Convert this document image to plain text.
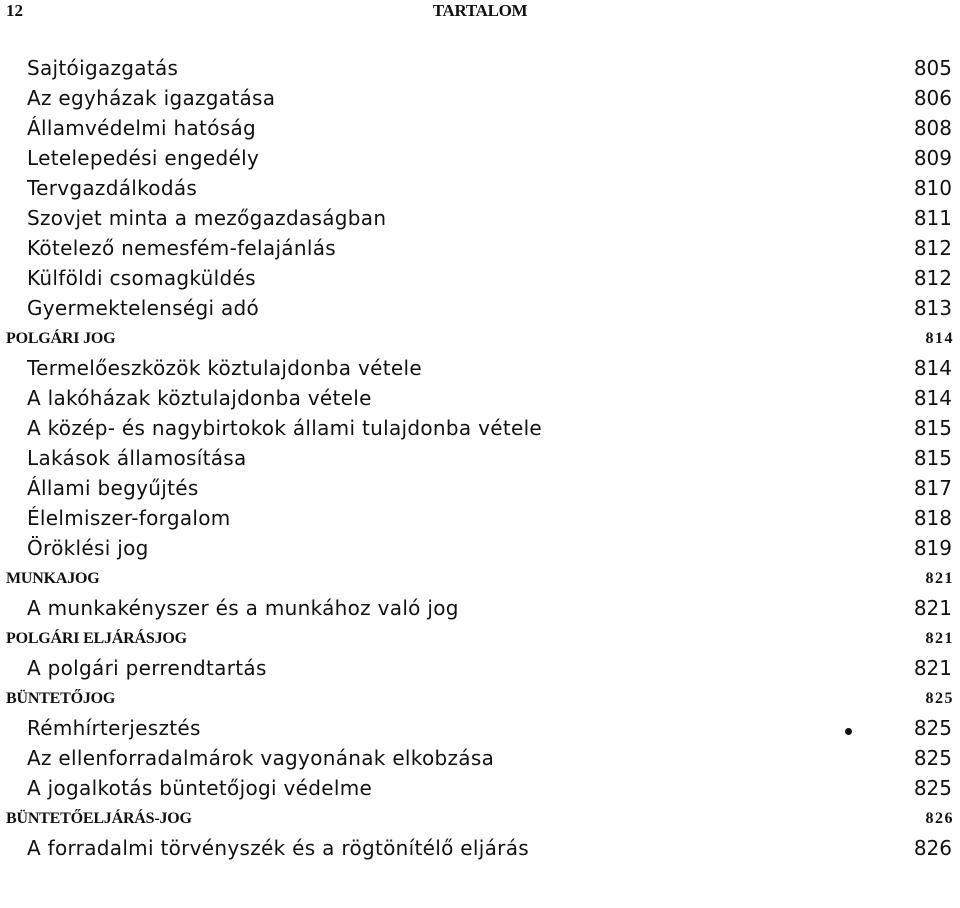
12	TARTALOM
Sajtóigazgatás	805
Az egyházak igazgatása	806
Államvédelmi hatóság	808
Letelepedési engedély	809
Tervgazdálkodás	810
Szovjet minta a mezőgazdaságban	811
Kötelező nemesfém-felajánlás	812
Külföldi csomagküldés	812
Gyermektelenségi adó	813
POLGÁRI JOG	814
Termelőeszközök köztulajdonba vétele	814
A lakóházak köztulajdonba vétele	814
A közép- és nagybirtokok állami tulajdonba vétele	815
Lakások államosítása	815
Állami begyűjtés	817
Élelmiszer-forgalom	818
Öröklési jog	819
MUNKAJOG	821
A munkakényszer és a munkához való jog	821
POLGÁRI ELJÁRÁSJOG	821
A polgári perrendtartás	821
BÜNTETŐJOG	825
Rémhírterjesztés	825
Az ellenforradalmárok vagyonának elkobzása	825
A jogalkotás büntetőjogi védelme	825
BÜNTETŐELJÁRÁS-JOG	826
A forradalmi törvényszék és a rögtönítélő eljárás	826
